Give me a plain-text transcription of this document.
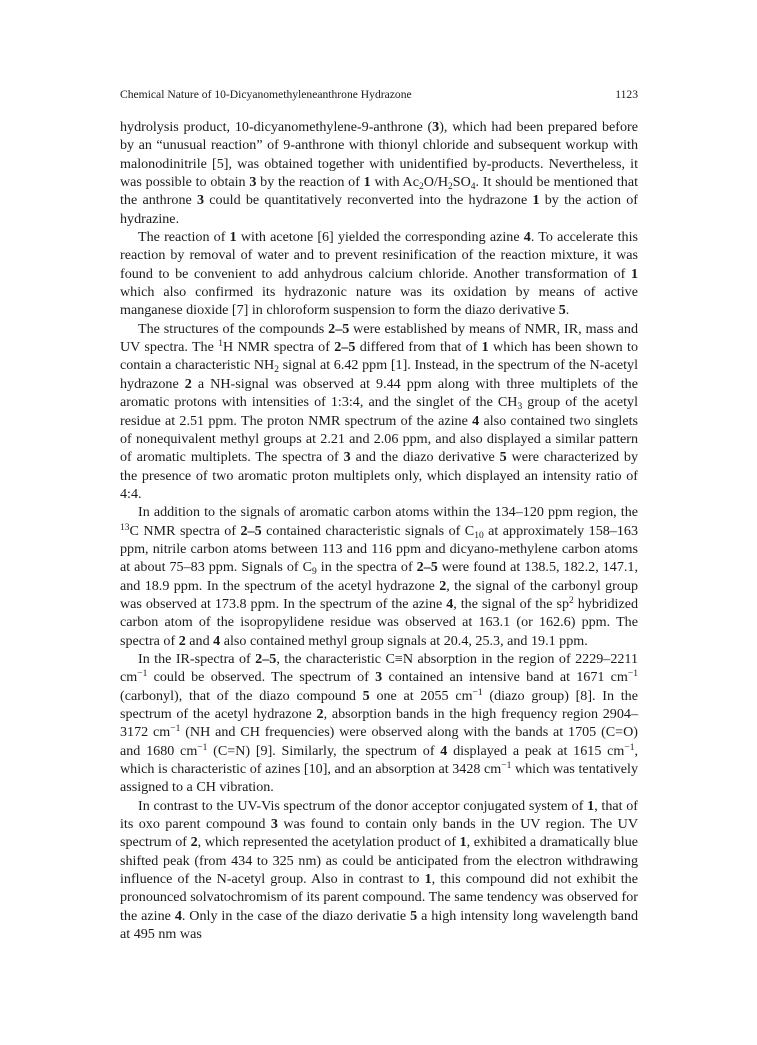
Chemical Nature of 10-Dicyanomethyleneanthrone Hydrazone	1123

hydrolysis product, 10-dicyanomethylene-9-anthrone (3), which had been prepared before by an “unusual reaction” of 9-anthrone with thionyl chloride and subsequent workup with malonodinitrile [5], was obtained together with unidentified by-products. Nevertheless, it was possible to obtain 3 by the reaction of 1 with $Ac_2O/H_2SO_4$. It should be mentioned that the anthrone 3 could be quantitatively reconverted into the hydrazone 1 by the action of hydrazine.

The reaction of 1 with acetone [6] yielded the corresponding azine 4. To accelerate this reaction by removal of water and to prevent resinification of the reaction mixture, it was found to be convenient to add anhydrous calcium chloride. Another transformation of 1 which also confirmed its hydrazonic nature was its oxidation by means of active manganese dioxide [7] in chloroform suspension to form the diazo derivative 5.

The structures of the compounds 2–5 were established by means of NMR, IR, mass and UV spectra. The $^1$H NMR spectra of 2–5 differed from that of 1 which has been shown to contain a characteristic $NH_2$ signal at 6.42 ppm [1]. Instead, in the spectrum of the N-acetyl hydrazone 2 a NH-signal was observed at 9.44 ppm along with three multiplets of the aromatic protons with intensities of 1:3:4, and the singlet of the $CH_3$ group of the acetyl residue at 2.51 ppm. The proton NMR spectrum of the azine 4 also contained two singlets of nonequivalent methyl groups at 2.21 and 2.06 ppm, and also displayed a similar pattern of aromatic multiplets. The spectra of 3 and the diazo derivative 5 were characterized by the presence of two aromatic proton multiplets only, which displayed an intensity ratio of 4:4.

In addition to the signals of aromatic carbon atoms within the 134–120 ppm region, the $^{13}$C NMR spectra of 2–5 contained characteristic signals of $C_{10}$ at approximately 158–163 ppm, nitrile carbon atoms between 113 and 116 ppm and dicyano-methylene carbon atoms at about 75–83 ppm. Signals of $C_9$ in the spectra of 2–5 were found at 138.5, 182.2, 147.1, and 18.9 ppm. In the spectrum of the acetyl hydrazone 2, the signal of the carbonyl group was observed at 173.8 ppm. In the spectrum of the azine 4, the signal of the $sp^2$ hybridized carbon atom of the isopropylidene residue was observed at 163.1 (or 162.6) ppm. The spectra of 2 and 4 also contained methyl group signals at 20.4, 25.3, and 19.1 ppm.

In the IR-spectra of 2–5, the characteristic C≡N absorption in the region of 2229–2211 $cm^{-1}$ could be observed. The spectrum of 3 contained an intensive band at 1671 $cm^{-1}$ (carbonyl), that of the diazo compound 5 one at 2055 $cm^{-1}$ (diazo group) [8]. In the spectrum of the acetyl hydrazone 2, absorption bands in the high frequency region 2904–3172 $cm^{-1}$ (NH and CH frequencies) were observed along with the bands at 1705 (C=O) and 1680 $cm^{-1}$ (C=N) [9]. Similarly, the spectrum of 4 displayed a peak at 1615 $cm^{-1}$, which is characteristic of azines [10], and an absorption at 3428 $cm^{-1}$ which was tentatively assigned to a CH vibration.

In contrast to the UV-Vis spectrum of the donor acceptor conjugated system of 1, that of its oxo parent compound 3 was found to contain only bands in the UV region. The UV spectrum of 2, which represented the acetylation product of 1, exhibited a dramatically blue shifted peak (from 434 to 325 nm) as could be anticipated from the electron withdrawing influence of the N-acetyl group. Also in contrast to 1, this compound did not exhibit the pronounced solvatochromism of its parent compound. The same tendency was observed for the azine 4. Only in the case of the diazo derivatie 5 a high intensity long wavelength band at 495 nm was
